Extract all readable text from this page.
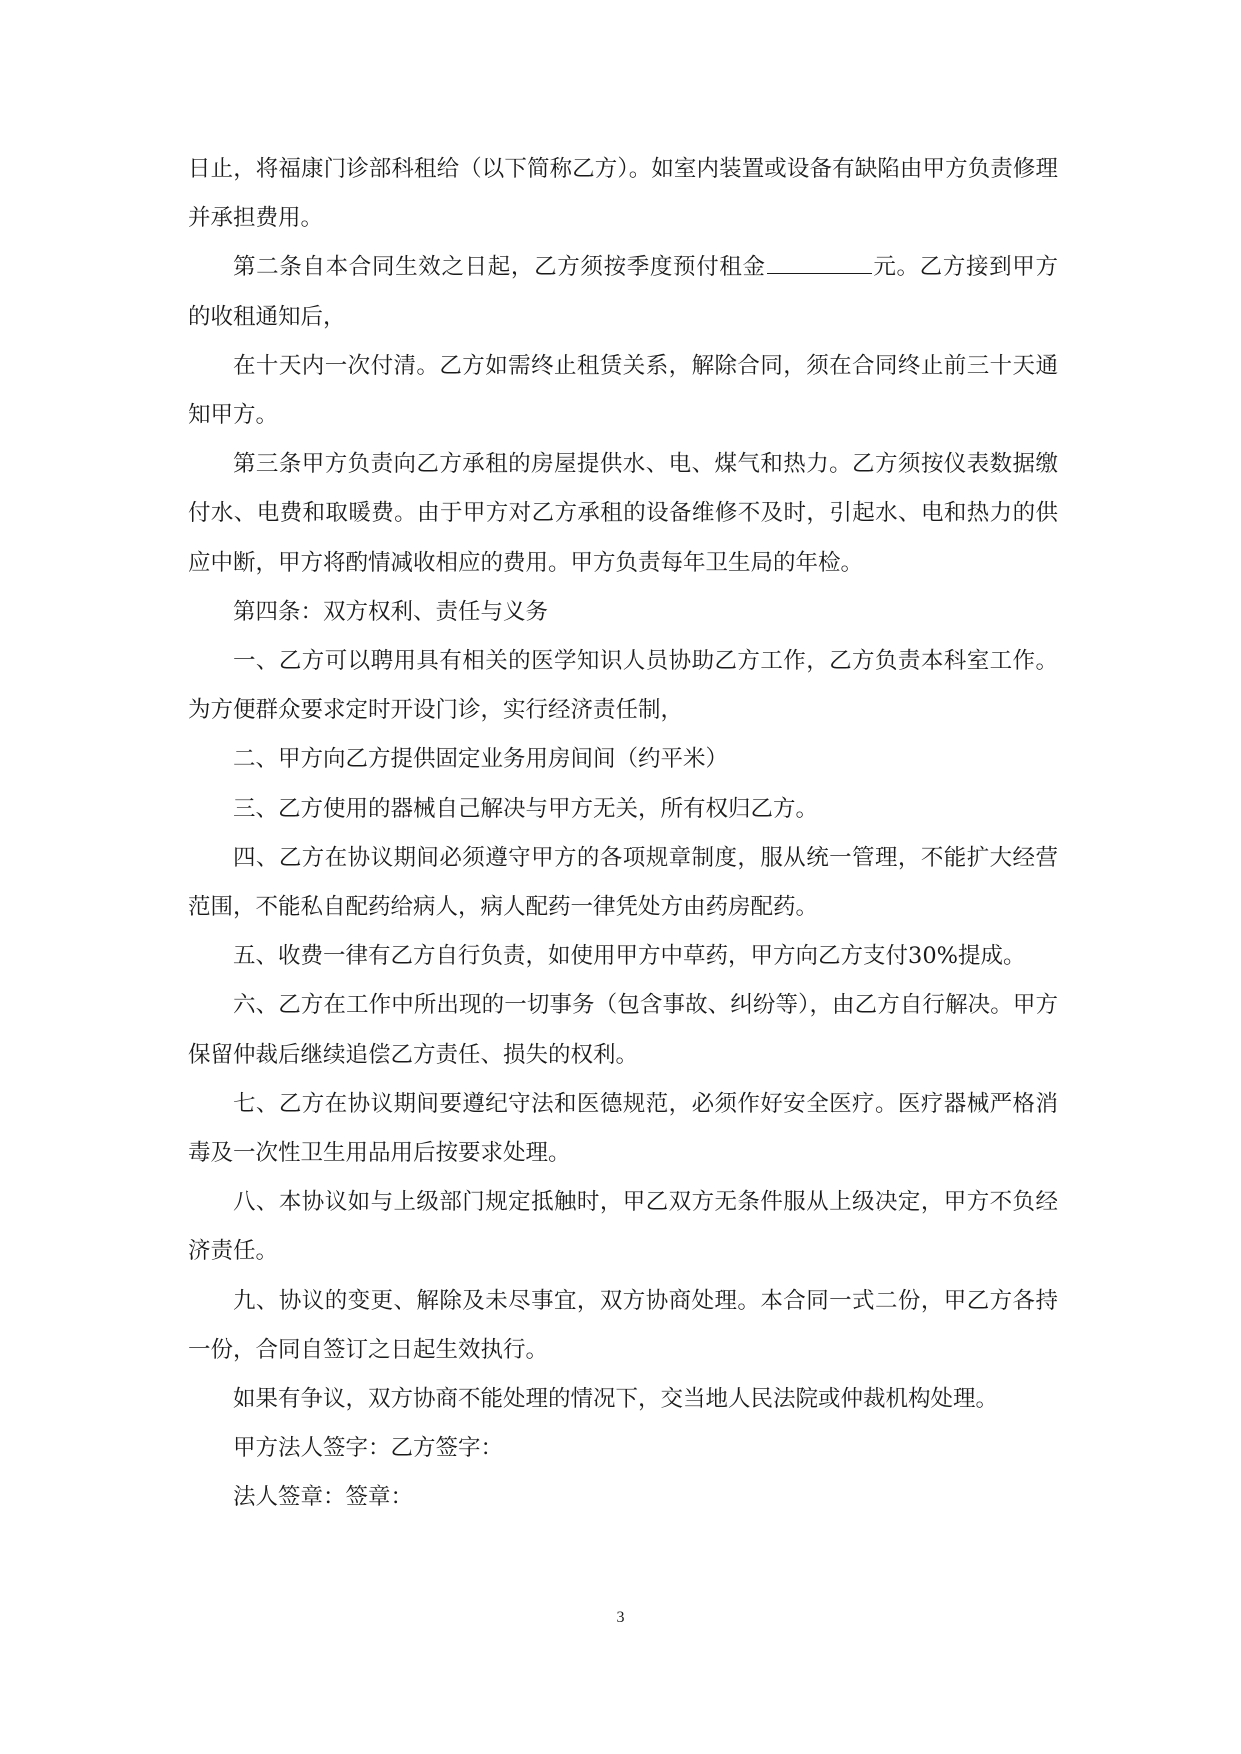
日止，将福康门诊部科租给（以下简称乙方）。如室内装置或设备有缺陷由甲方负责修理并承担费用。

第二条自本合同生效之日起，乙方须按季度预付租金	元。乙方接到甲方的收租通知后，

在十天内一次付清。乙方如需终止租赁关系，解除合同，须在合同终止前三十天通知甲方。

第三条甲方负责向乙方承租的房屋提供水、电、煤气和热力。乙方须按仪表数据缴付水、电费和取暖费。由于甲方对乙方承租的设备维修不及时，引起水、电和热力的供应中断，甲方将酌情减收相应的费用。甲方负责每年卫生局的年检。

第四条：双方权利、责任与义务

一、乙方可以聘用具有相关的医学知识人员协助乙方工作，乙方负责本科室工作。为方便群众要求定时开设门诊，实行经济责任制，

二、甲方向乙方提供固定业务用房间间（约平米）

三、乙方使用的器械自己解决与甲方无关，所有权归乙方。

四、乙方在协议期间必须遵守甲方的各项规章制度，服从统一管理，不能扩大经营范围，不能私自配药给病人，病人配药一律凭处方由药房配药。

五、收费一律有乙方自行负责，如使用甲方中草药，甲方向乙方支付30%提成。

六、乙方在工作中所出现的一切事务（包含事故、纠纷等），由乙方自行解决。甲方保留仲裁后继续追偿乙方责任、损失的权利。

七、乙方在协议期间要遵纪守法和医德规范，必须作好安全医疗。医疗器械严格消毒及一次性卫生用品用后按要求处理。

八、本协议如与上级部门规定抵触时，甲乙双方无条件服从上级决定，甲方不负经济责任。

九、协议的变更、解除及未尽事宜，双方协商处理。本合同一式二份，甲乙方各持一份，合同自签订之日起生效执行。

如果有争议，双方协商不能处理的情况下，交当地人民法院或仲裁机构处理。

甲方法人签字：乙方签字：

法人签章：签章：

3
